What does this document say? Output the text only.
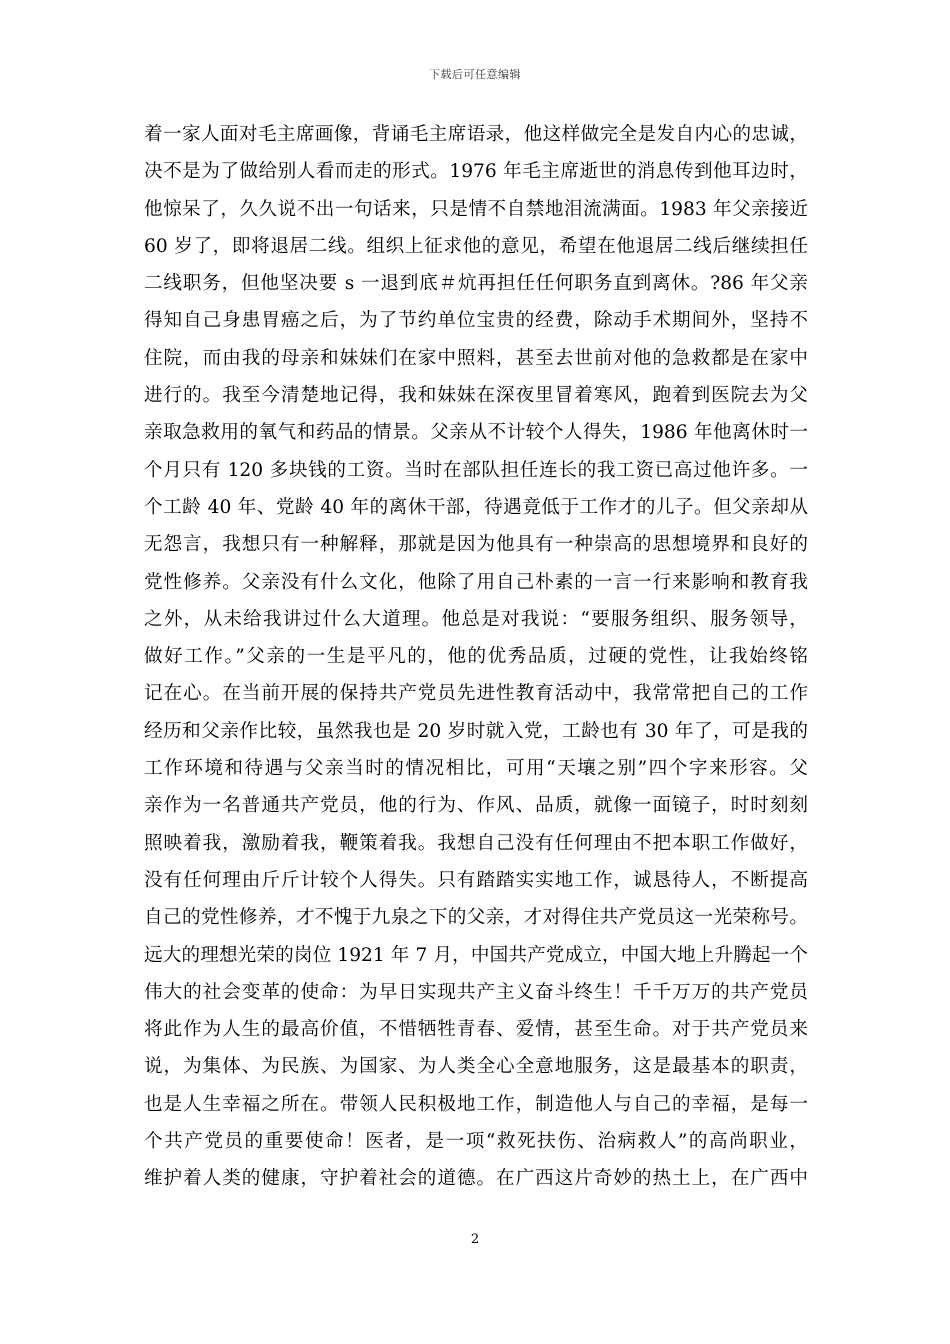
下载后可任意编辑
着一家人面对毛主席画像，背诵毛主席语录，他这样做完全是发自内心的忠诚，
决不是为了做给别人看而走的形式。1976 年毛主席逝世的消息传到他耳边时，
他惊呆了，久久说不出一句话来，只是情不自禁地泪流满面。1983 年父亲接近
60 岁了，即将退居二线。组织上征求他的意见，希望在他退居二线后继续担任
二线职务，但他坚决要 s 一退到底＃炕再担任任何职务直到离休。?86 年父亲
得知自己身患胃癌之后，为了节约单位宝贵的经费，除动手术期间外，坚持不
住院，而由我的母亲和妹妹们在家中照料，甚至去世前对他的急救都是在家中
进行的。我至今清楚地记得，我和妹妹在深夜里冒着寒风，跑着到医院去为父
亲取急救用的氧气和药品的情景。父亲从不计较个人得失，1986 年他离休时一
个月只有 120 多块钱的工资。当时在部队担任连长的我工资已高过他许多。一
个工龄 40 年、党龄 40 年的离休干部，待遇竟低于工作才的儿子。但父亲却从
无怨言，我想只有一种解释，那就是因为他具有一种崇高的思想境界和良好的
党性修养。父亲没有什么文化，他除了用自己朴素的一言一行来影响和教育我
之外，从未给我讲过什么大道理。他总是对我说：“要服务组织、服务领导，
做好工作。”父亲的一生是平凡的，他的优秀品质，过硬的党性，让我始终铭
记在心。在当前开展的保持共产党员先进性教育活动中，我常常把自己的工作
经历和父亲作比较，虽然我也是 20 岁时就入党，工龄也有 30 年了，可是我的
工作环境和待遇与父亲当时的情况相比，可用“天壤之别”四个字来形容。父
亲作为一名普通共产党员，他的行为、作风、品质，就像一面镜子，时时刻刻
照映着我，激励着我，鞭策着我。我想自己没有任何理由不把本职工作做好，
没有任何理由斤斤计较个人得失。只有踏踏实实地工作，诚恳待人，不断提高
自己的党性修养，才不愧于九泉之下的父亲，才对得住共产党员这一光荣称号。
远大的理想光荣的岗位 1921 年 7 月，中国共产党成立，中国大地上升腾起一个
伟大的社会变革的使命：为早日实现共产主义奋斗终生！千千万万的共产党员
将此作为人生的最高价值，不惜牺牲青春、爱情，甚至生命。对于共产党员来
说，为集体、为民族、为国家、为人类全心全意地服务，这是最基本的职责，
也是人生幸福之所在。带领人民积极地工作，制造他人与自己的幸福，是每一
个共产党员的重要使命！医者，是一项“救死扶伤、治病救人”的高尚职业，
维护着人类的健康，守护着社会的道德。在广西这片奇妙的热土上，在广西中
2
